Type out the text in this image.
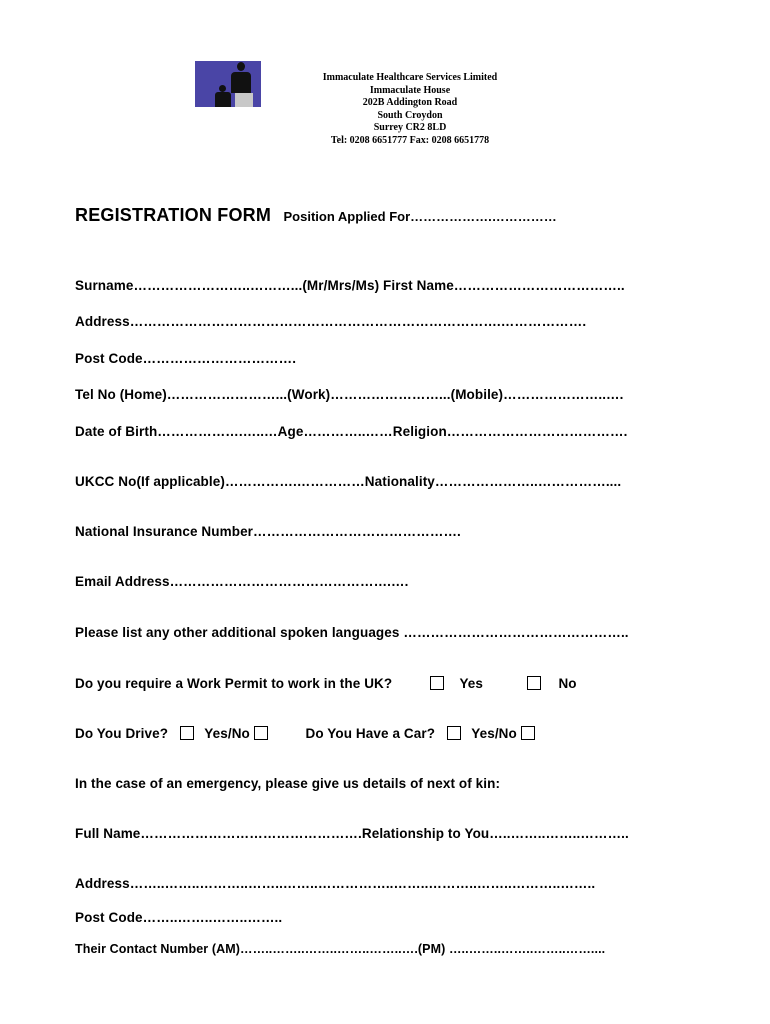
Immaculate Healthcare Services Limited
Immaculate House
202B Addington Road
South Croydon
Surrey CR2 8LD
Tel: 0208 6651777 Fax: 0208 6651778
REGISTRATION FORM Position Applied For……………….……………
Surname……………………..………...(Mr/Mrs/Ms) First Name………………………………..
Address……………………………………………………………………….……………….
Post Code…………………………….
Tel No (Home)……………………...(Work)……………………...(Mobile)…………………..….
Date of Birth……………….…..…Age…………..……Religion………………………………….
UKCC No(If applicable)…………….……………Nationality…………………..……………....
National Insurance Number……………………………………….
Email Address………………………………………….….
Please list any other additional spoken languages …………………………………………..
Do you require a Work Permit to work in the UK?	Yes	No
Do You Drive?	Yes/No	Do You Have a Car?	Yes/No
In the case of an emergency, please give us details of next of kin:
Full Name………………………………………….Relationship to You…..……..……..………..
Address……..……..………..……..……..……………..……..………..……..………..……..
Post Code……..……..……..……..
Their Contact Number (AM)……..……..……..……..……..….(PM) …..……..……..……..……....
